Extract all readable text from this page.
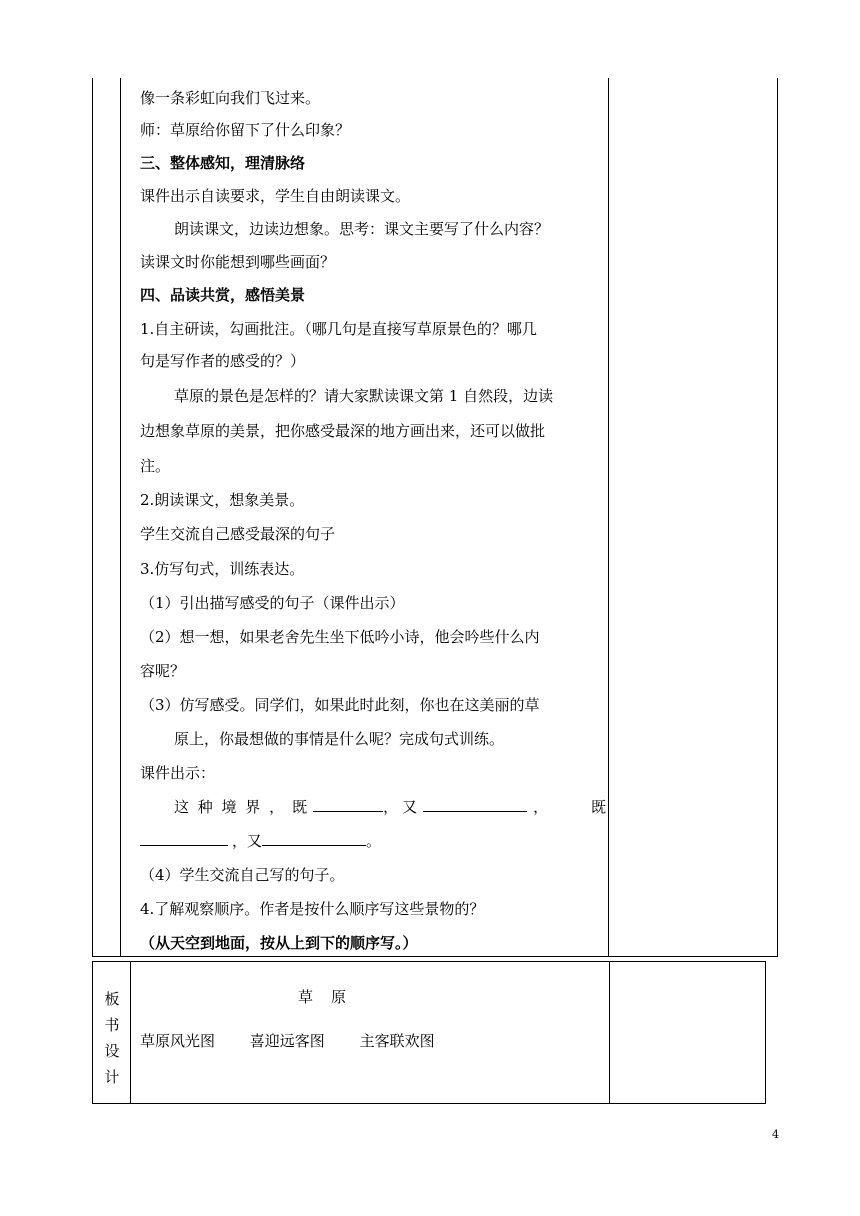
像一条彩虹向我们飞过来。
师：草原给你留下了什么印象？
三、整体感知，理清脉络
课件出示自读要求，学生自由朗读课文。
朗读课文，边读边想象。思考：课文主要写了什么内容？
读课文时你能想到哪些画面？
四、品读共赏，感悟美景
1.自主研读，勾画批注。（哪几句是直接写草原景色的？哪几
句是写作者的感受的？）
草原的景色是怎样的？请大家默读课文第 1 自然段，边读
边想象草原的美景，把你感受最深的地方画出来，还可以做批
注。
2.朗读课文，想象美景。
学生交流自己感受最深的句子
3.仿写句式，训练表达。
（1）引出描写感受的句子（课件出示）
（2）想一想，如果老舍先生坐下低吟小诗，他会吟些什么内
容呢？
（3）仿写感受。同学们，如果此时此刻，你也在这美丽的草
原上，你最想做的事情是什么呢？完成句式训练。
课件出示：
这 种 境 界 ， 既	， 又	，	既
， 又	。
（4）学生交流自己写的句子。
4.了解观察顺序。作者是按什么顺序写这些景物的？
（从天空到地面，按从上到下的顺序写。）
板
书
设
计
草原
草原风光图 喜迎远客图 主客联欢图
4
